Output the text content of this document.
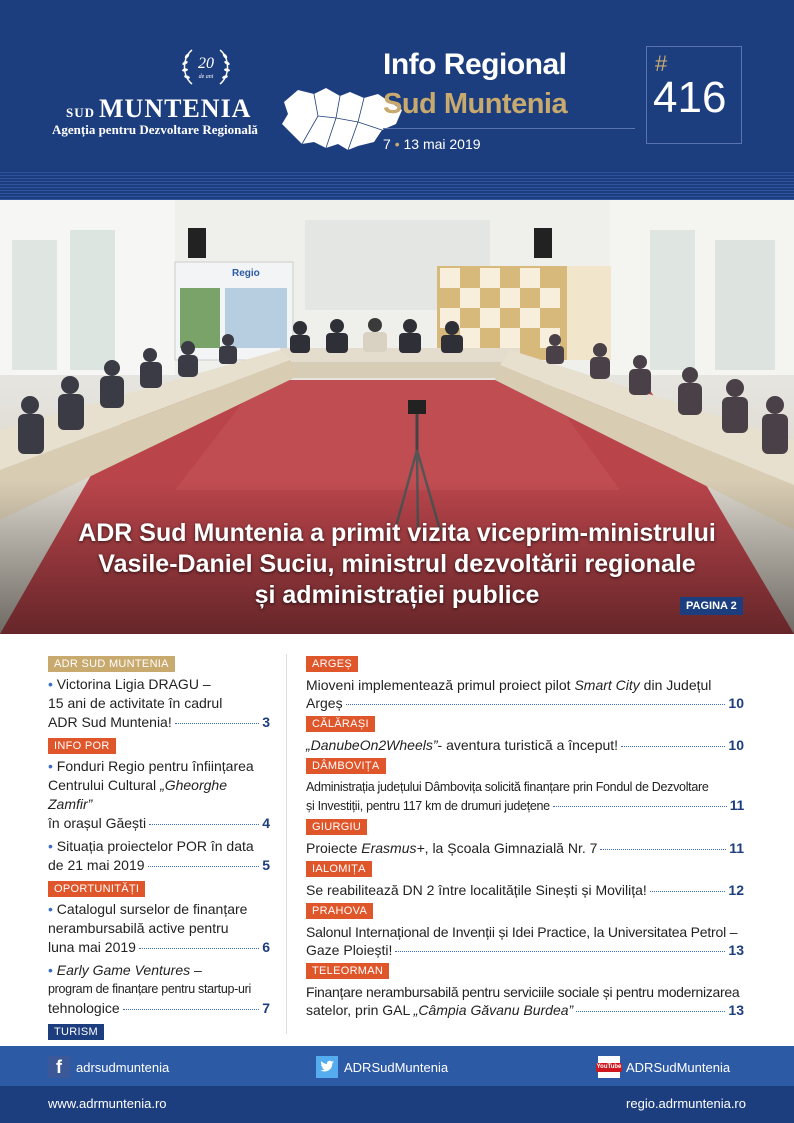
20
de ani
SUD MUNTENIA
Agenția pentru Dezvoltare Regională
Info Regional
Sud Muntenia
7 • 13 mai 2019
#
416
Regio
ADR Sud Muntenia a primit vizita viceprim-ministrului
Vasile-Daniel Suciu, ministrul dezvoltării regionale
și administrației publice	PAGINA 2
ADR SUD MUNTENIA
• Victorina Ligia DRAGU –
15 ani de activitate în cadrul
ADR Sud Muntenia!	3
INFO POR
• Fonduri Regio pentru înființarea
Centrului Cultural „Gheorghe Zamfir”
în orașul Găești	4
• Situația proiectelor POR în data
de 21 mai 2019	5
OPORTUNITĂȚI
• Catalogul surselor de finanțare
nerambursabilă active pentru
luna mai 2019	6
• Early Game Ventures –
program de finanțare pentru startup-uri
tehnologice	7
TURISM
ARGEȘ
Mioveni implementează primul proiect pilot Smart City din Județul
Argeș	10
CĂLĂRAȘI
„DanubeOn2Wheels”- aventura turistică a început!	10
DÂMBOVIȚA
Administrația județului Dâmbovița solicită finanțare prin Fondul de Dezvoltare
și Investiții, pentru 117 km de drumuri județene	11
GIURGIU
Proiecte Erasmus+, la Școala Gimnazială Nr. 7	11
IALOMIȚA
Se reabilitează DN 2 între localitățile Sinești și Movilița!	12
PRAHOVA
Salonul Internațional de Invenții și Idei Practice, la Universitatea Petrol –
Gaze Ploiești!	13
TELEORMAN
Finanțare nerambursabilă pentru serviciile sociale și pentru modernizarea
satelor, prin GAL „Câmpia Găvanu Burdea”	13
f	adrsudmuntenia	ADRSudMuntenia	YouTube ADRSudMuntenia
www.adrmuntenia.ro	regio.adrmuntenia.ro
